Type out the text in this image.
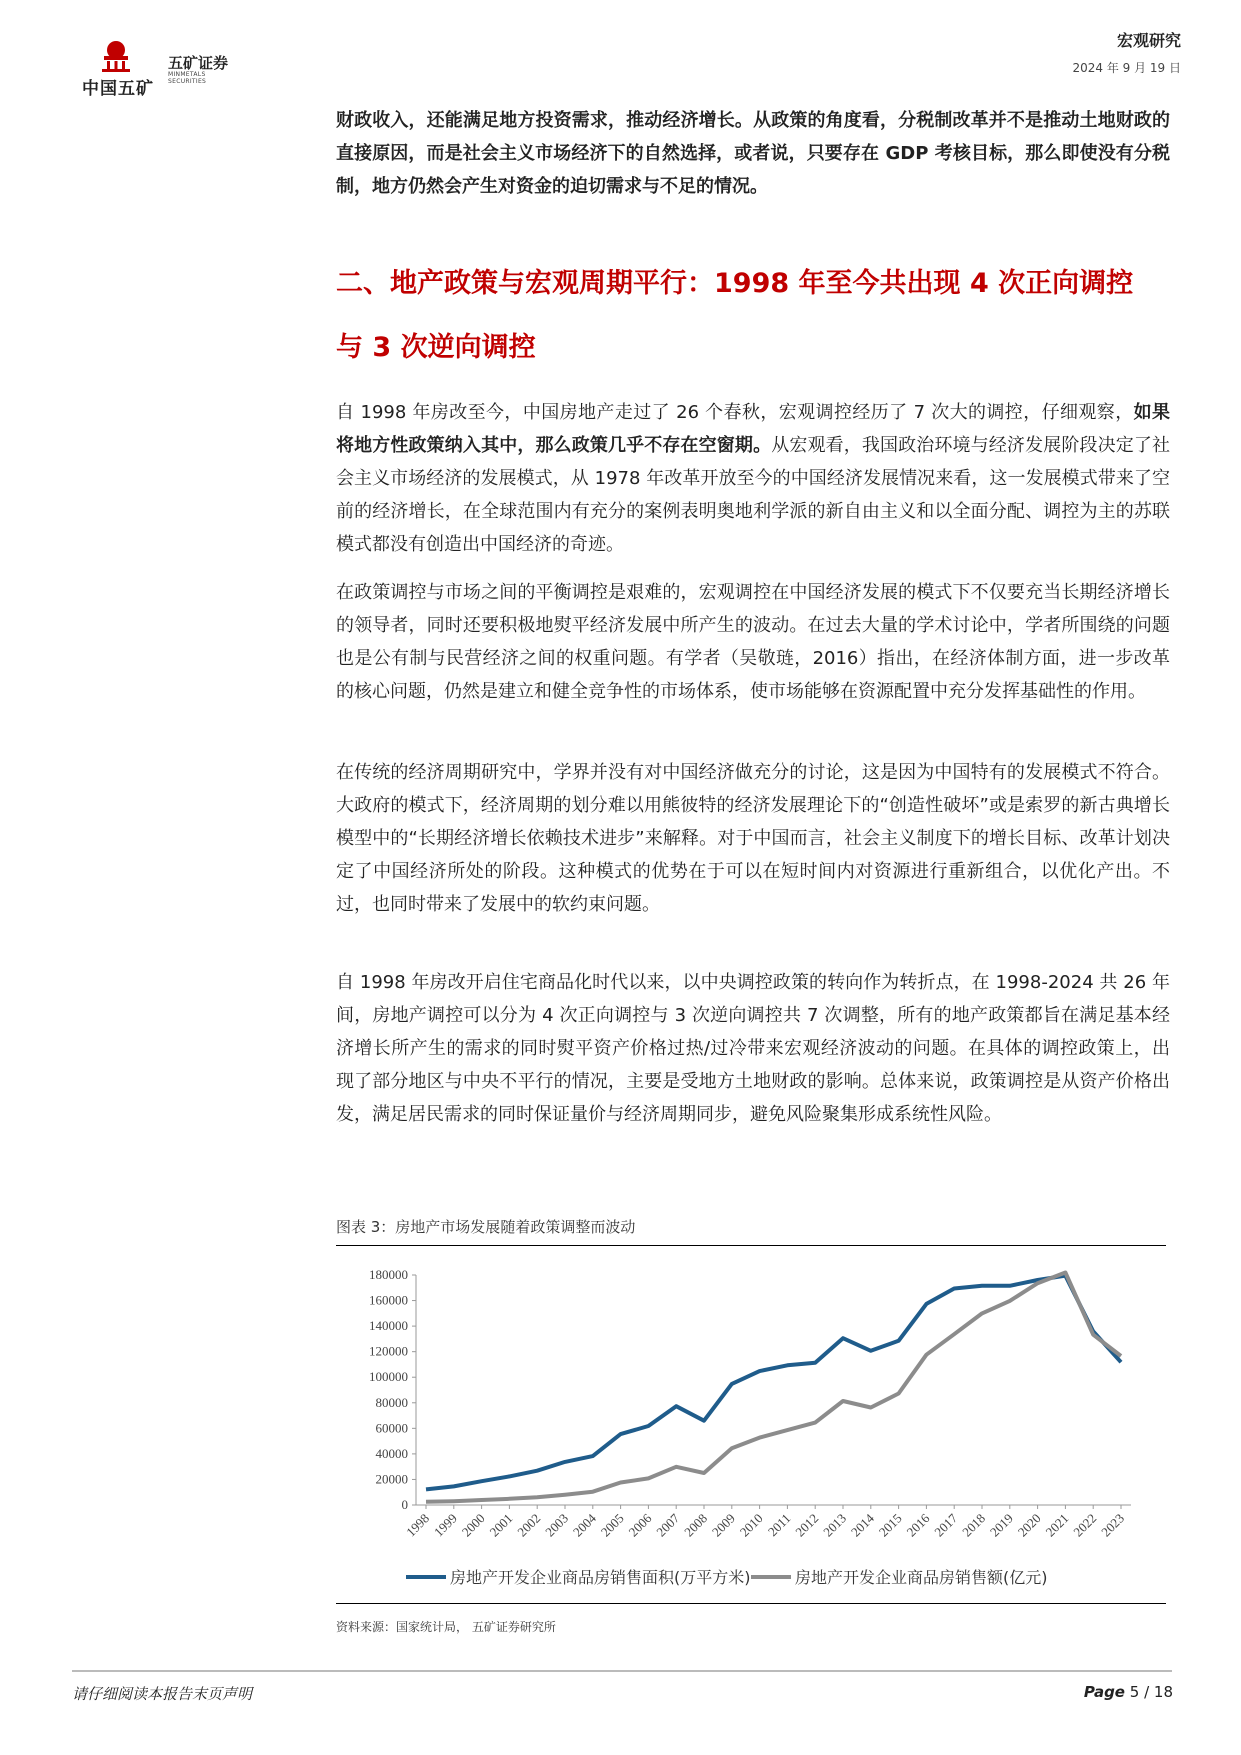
中国五矿
五矿证券
MINMETALS SECURITIES
宏观研究
2024 年 9 月 19 日

财政收入，还能满足地方投资需求，推动经济增长。从政策的角度看，分税制改革并不是推动土地财政的直接原因，而是社会主义市场经济下的自然选择，或者说，只要存在 GDP 考核目标，那么即使没有分税制，地方仍然会产生对资金的迫切需求与不足的情况。

二、地产政策与宏观周期平行：1998 年至今共出现 4 次正向调控

与 3 次逆向调控

自 1998 年房改至今，中国房地产走过了 26 个春秋，宏观调控经历了 7 次大的调控，仔细观察，如果将地方性政策纳入其中，那么政策几乎不存在空窗期。从宏观看，我国政治环境与经济发展阶段决定了社会主义市场经济的发展模式，从 1978 年改革开放至今的中国经济发展情况来看，这一发展模式带来了空前的经济增长，在全球范围内有充分的案例表明奥地利学派的新自由主义和以全面分配、调控为主的苏联模式都没有创造出中国经济的奇迹。

在政策调控与市场之间的平衡调控是艰难的，宏观调控在中国经济发展的模式下不仅要充当长期经济增长的领导者，同时还要积极地熨平经济发展中所产生的波动。在过去大量的学术讨论中，学者所围绕的问题也是公有制与民营经济之间的权重问题。有学者（吴敬琏，2016）指出，在经济体制方面，进一步改革的核心问题，仍然是建立和健全竞争性的市场体系，使市场能够在资源配置中充分发挥基础性的作用。

在传统的经济周期研究中，学界并没有对中国经济做充分的讨论，这是因为中国特有的发展模式不符合。大政府的模式下，经济周期的划分难以用熊彼特的经济发展理论下的“创造性破坏”或是索罗的新古典增长模型中的“长期经济增长依赖技术进步”来解释。对于中国而言，社会主义制度下的增长目标、改革计划决定了中国经济所处的阶段。这种模式的优势在于可以在短时间内对资源进行重新组合，以优化产出。不过，也同时带来了发展中的软约束问题。

自 1998 年房改开启住宅商品化时代以来，以中央调控政策的转向作为转折点，在 1998-2024 共 26 年间，房地产调控可以分为 4 次正向调控与 3 次逆向调控共 7 次调整，所有的地产政策都旨在满足基本经济增长所产生的需求的同时熨平资产价格过热/过冷带来宏观经济波动的问题。在具体的调控政策上，出现了部分地区与中央不平行的情况，主要是受地方土地财政的影响。总体来说，政策调控是从资产价格出发，满足居民需求的同时保证量价与经济周期同步，避免风险聚集形成系统性风险。

图表 3：房地产市场发展随着政策调整而波动
0
20000
40000
60000
80000
100000
120000
140000
160000
180000
1998
1999
2000
2001
2002
2003
2004
2005
2006
2007
2008
2009
2010 2011
2012
2013
2014
2015
2016
2017
2018
2019
2020
2021
2022
2023
房地产开发企业商品房销售面积(万平方米)	房地产开发企业商品房销售额(亿元)
资料来源：国家统计局， 五矿证券研究所
请仔细阅读本报告末页声明	Page 5 / 18
